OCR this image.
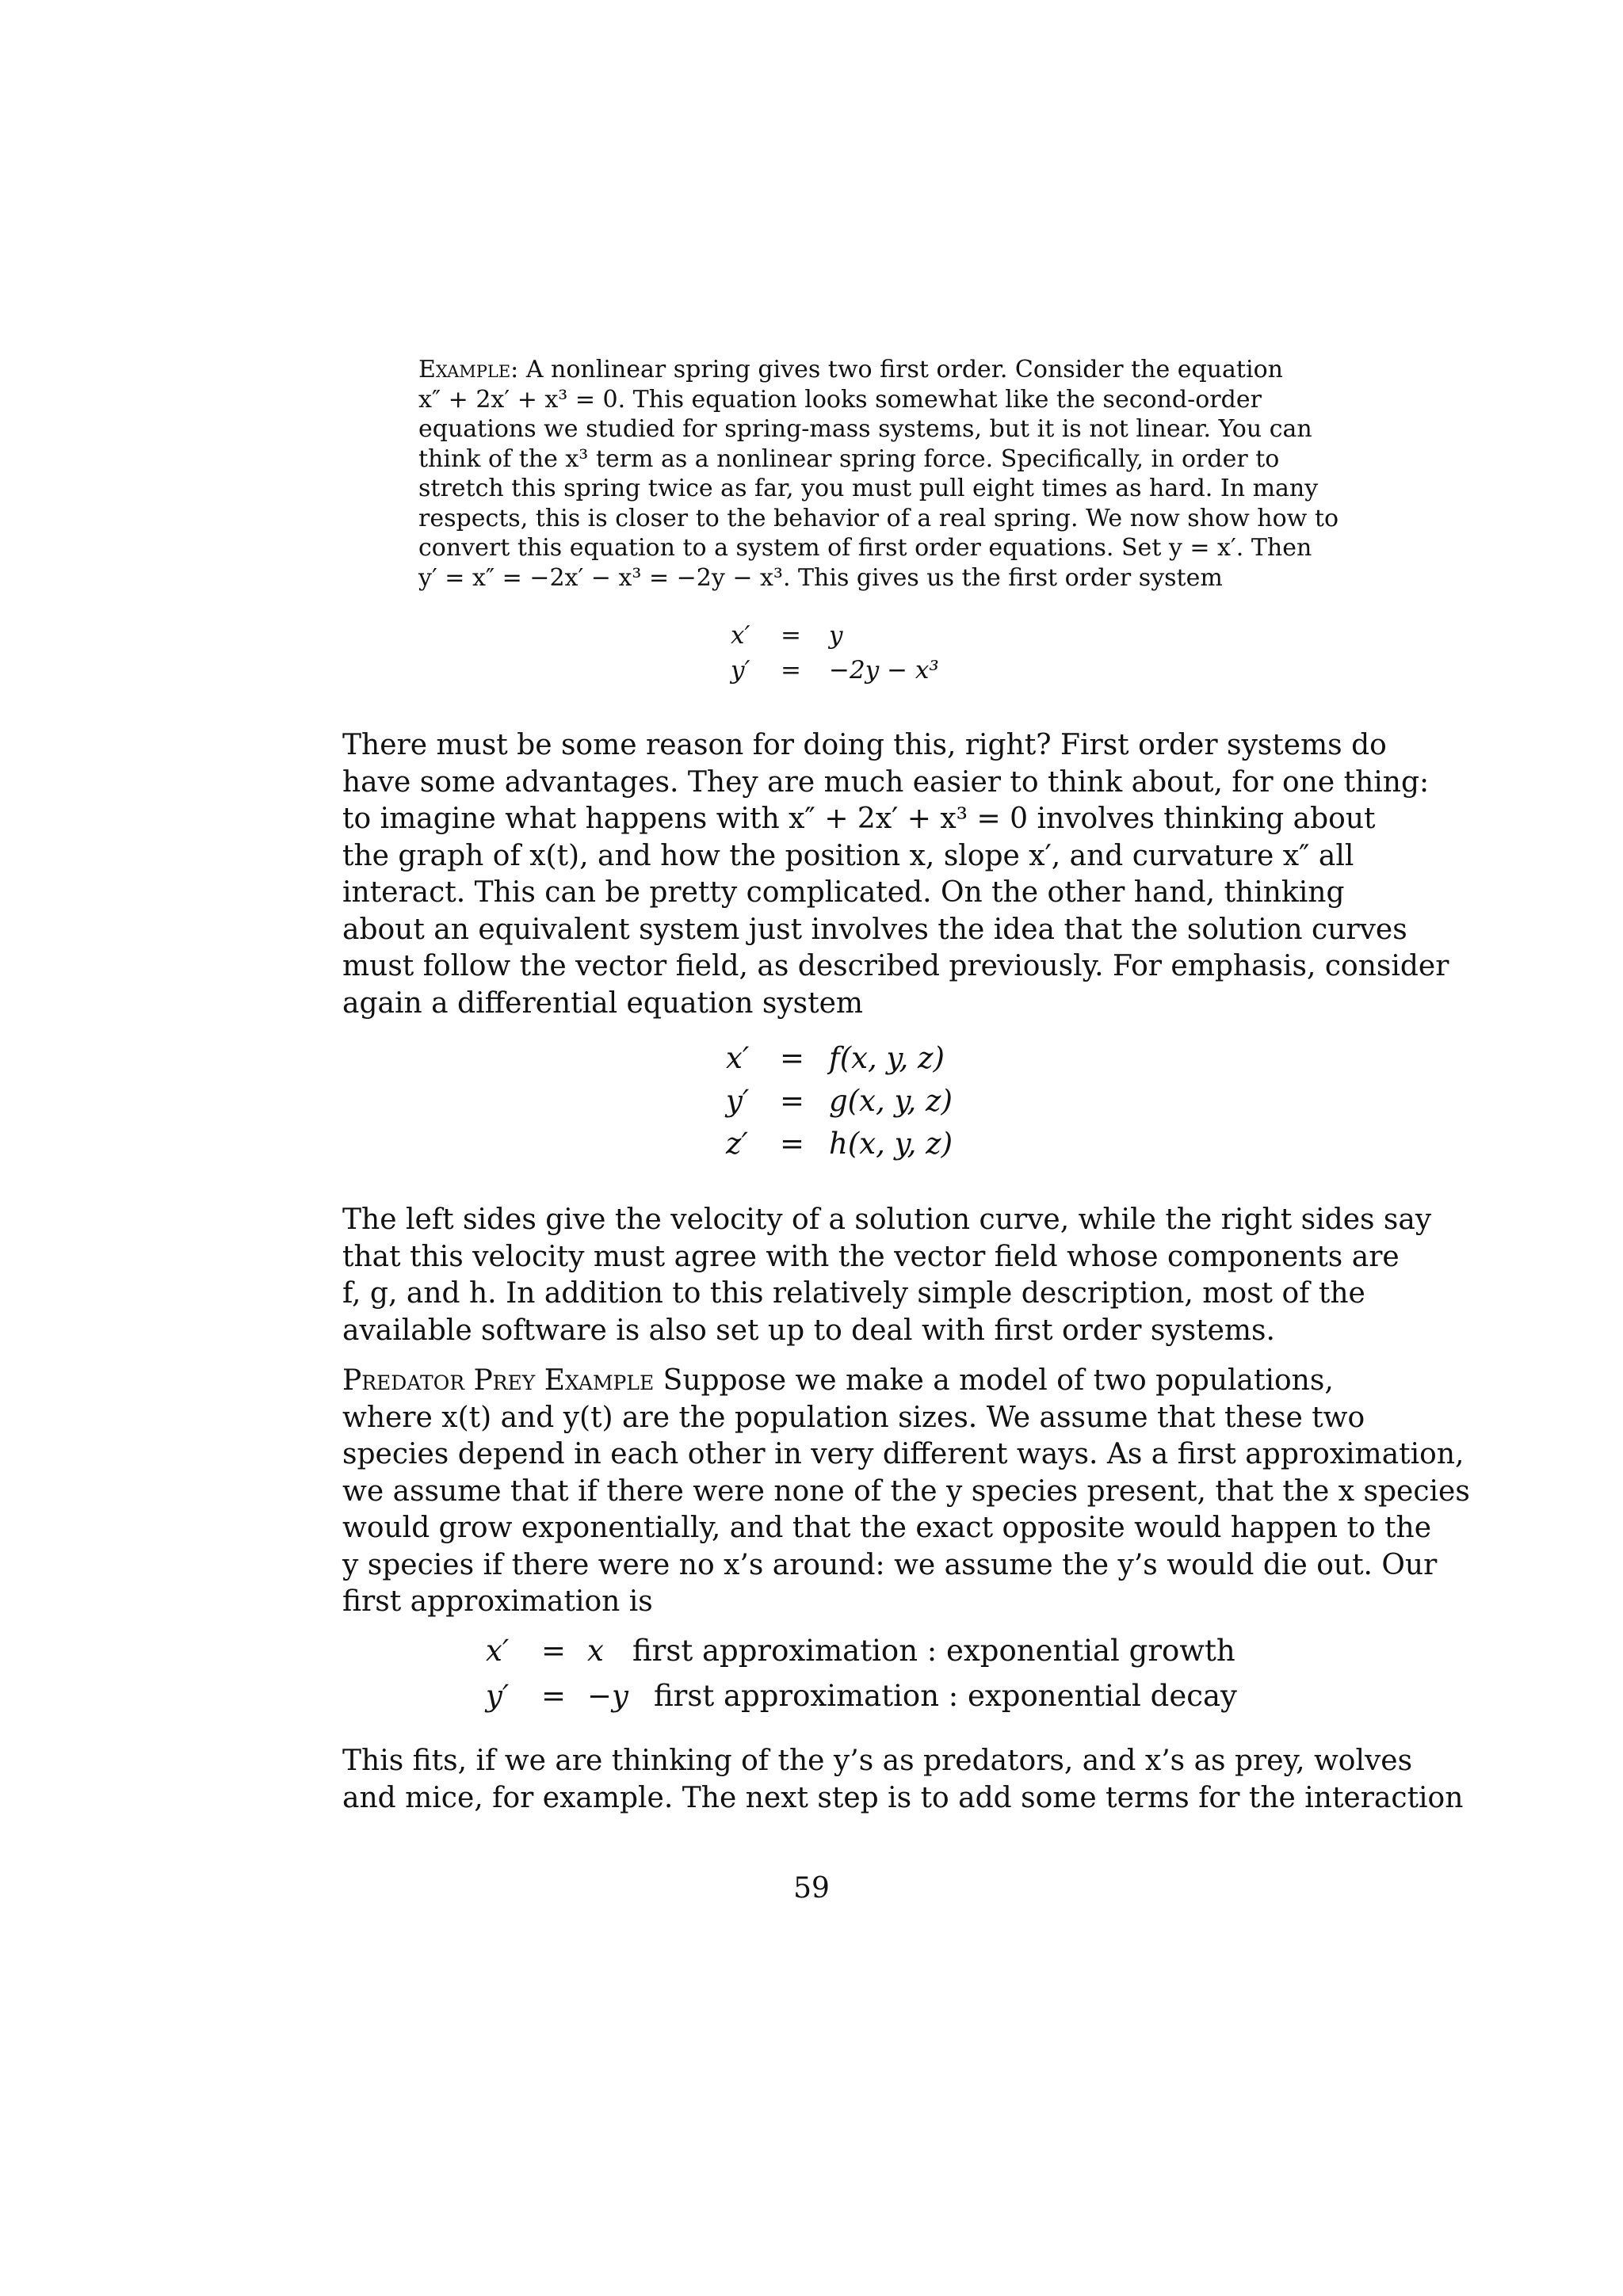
Example: A nonlinear spring gives two first order. Consider the equation
x″ + 2x′ + x³ = 0. This equation looks somewhat like the second-order
equations we studied for spring-mass systems, but it is not linear. You can
think of the x³ term as a nonlinear spring force. Specifically, in order to
stretch this spring twice as far, you must pull eight times as hard. In many
respects, this is closer to the behavior of a real spring. We now show how to
convert this equation to a system of first order equations. Set y = x′. Then
y′ = x″ = −2x′ − x³ = −2y − x³. This gives us the first order system
x′ = y
y′ = −2y − x³
There must be some reason for doing this, right? First order systems do
have some advantages. They are much easier to think about, for one thing:
to imagine what happens with x″ + 2x′ + x³ = 0 involves thinking about
the graph of x(t), and how the position x, slope x′, and curvature x″ all
interact. This can be pretty complicated. On the other hand, thinking
about an equivalent system just involves the idea that the solution curves
must follow the vector field, as described previously. For emphasis, consider
again a differential equation system
x′ = f(x, y, z)
y′ = g(x, y, z)
z′ = h(x, y, z)
The left sides give the velocity of a solution curve, while the right sides say
that this velocity must agree with the vector field whose components are
f, g, and h. In addition to this relatively simple description, most of the
available software is also set up to deal with first order systems.
Predator Prey Example Suppose we make a model of two populations,
where x(t) and y(t) are the population sizes. We assume that these two
species depend in each other in very different ways. As a first approximation,
we assume that if there were none of the y species present, that the x species
would grow exponentially, and that the exact opposite would happen to the
y species if there were no x’s around: we assume the y’s would die out. Our
first approximation is
x′ = x first approximation : exponential growth
y′ = −y first approximation : exponential decay
This fits, if we are thinking of the y’s as predators, and x’s as prey, wolves
and mice, for example. The next step is to add some terms for the interaction
59
